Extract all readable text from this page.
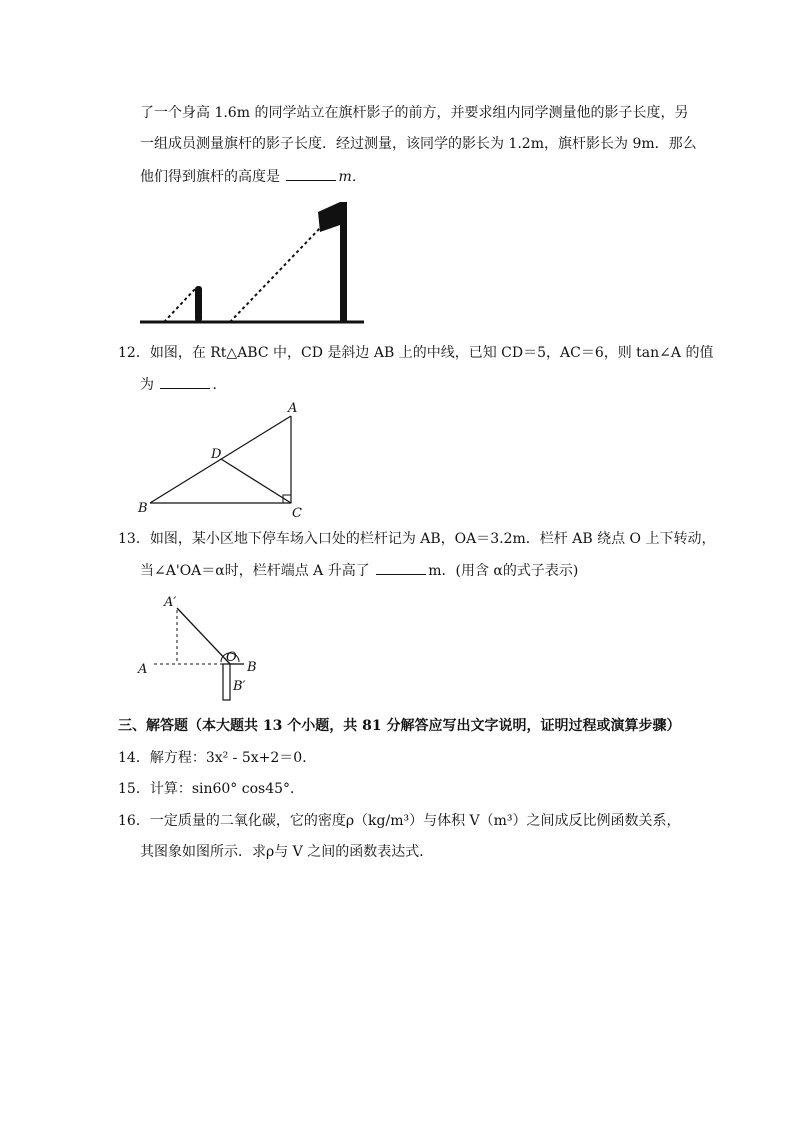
了一个身高 1.6m 的同学站立在旗杆影子的前方，并要求组内同学测量他的影子长度，另
一组成员测量旗杆的影子长度．经过测量，该同学的影长为 1.2m，旗杆影长为 9m．那么
他们得到旗杆的高度是	m．
12．如图，在 Rt△ABC 中，CD 是斜边 AB 上的中线，已知 CD＝5，AC＝6，则 tan∠A 的值
为	．
A
D
B	C
13．如图，某小区地下停车场入口处的栏杆记为 AB，OA＝3.2m．栏杆 AB 绕点 O 上下转动，
当∠A'OA＝α时，栏杆端点 A 升高了	m．(用含 α的式子表示)
A′
A
O
B
B′
三、解答题（本大题共 13 个小题，共 81 分解答应写出文字说明，证明过程或演算步骤）
14．解方程：3x² - 5x+2＝0．
15．计算：sin60° cos45°．
16．一定质量的二氧化碳，它的密度ρ（kg/m³）与体积 V（m³）之间成反比例函数关系，
其图象如图所示．求ρ与 V 之间的函数表达式．
